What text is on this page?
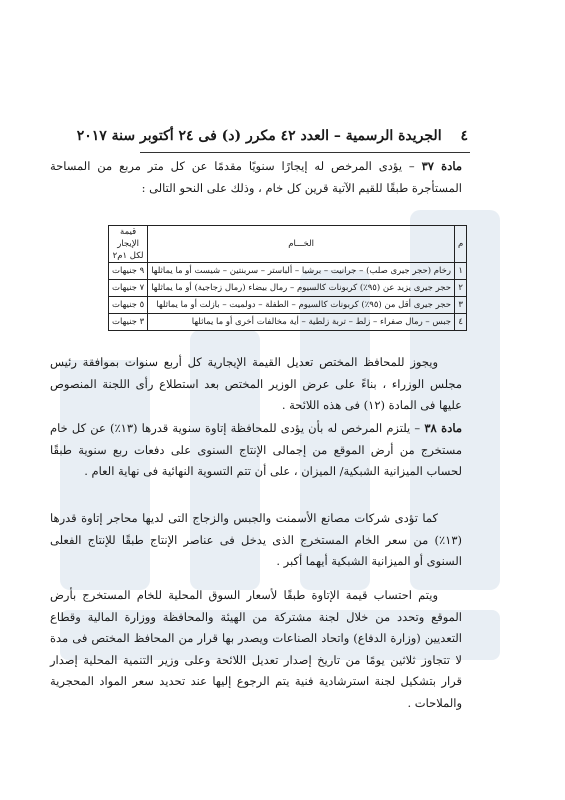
٤ الجريدة الرسمية – العدد ٤٢ مكرر (د) فى ٢٤ أكتوبر سنة ٢٠١٧

مادة ٣٧ – يؤدى المرخص له إيجارًا سنويًا مقدمًا عن كل متر مربع من المساحة المستأجرة طبقًا للقيم الآتية قرين كل خام ، وذلك على النحو التالى :

م	الخـــام	قيمة الإيجار لكل ١م٢
١	رخام (حجر جيرى صلب) – جرانيت – برشيا – ألباستر – سربنتين – شيست أو ما يماثلها	٩ جنيهات
٢	حجر جيرى يزيد عن (٩٥٪) كربونات كالسيوم – رمال بيضاء (رمال زجاجية) أو ما يماثلها	٧ جنيهات
٣	حجر جيرى أقل من (٩٥٪) كربونات كالسيوم – الطفلة – دولميت – بازلت أو ما يماثلها	٥ جنيهات
٤	جبس – رمال صفراء – زلط – تربة زلطية – أية مخالفات أخرى أو ما يماثلها	٣ جنيهات

ويجوز للمحافظ المختص تعديل القيمة الإيجارية كل أربع سنوات بموافقة رئيس مجلس الوزراء ، بناءً على عرض الوزير المختص بعد استطلاع رأى اللجنة المنصوص عليها فى المادة (١٢) فى هذه اللائحة .

مادة ٣٨ – يلتزم المرخص له بأن يؤدى للمحافظة إتاوة سنوية قدرها (١٣٪) عن كل خام مستخرج من أرض الموقع من إجمالى الإنتاج السنوى على دفعات ربع سنوية طبقًا لحساب الميزانية الشبكية/ الميزان ، على أن تتم التسوية النهائية فى نهاية العام .

كما تؤدى شركات مصانع الأسمنت والجبس والزجاج التى لديها محاجر إتاوة قدرها (١٣٪) من سعر الخام المستخرج الذى يدخل فى عناصر الإنتاج طبقًا للإنتاج الفعلى السنوى أو الميزانية الشبكية أيهما أكبر .

ويتم احتساب قيمة الإتاوة طبقًا لأسعار السوق المحلية للخام المستخرج بأرض الموقع وتحدد من خلال لجنة مشتركة من الهيئة والمحافظة ووزارة المالية وقطاع التعديين (وزارة الدفاع) واتحاد الصناعات ويصدر بها قرار من المحافظ المختص فى مدة لا تتجاوز ثلاثين يومًا من تاريخ إصدار تعديل اللائحة وعلى وزير التنمية المحلية إصدار قرار بتشكيل لجنة استرشادية فنية يتم الرجوع إليها عند تحديد سعر المواد المحجرية والملاحات .
